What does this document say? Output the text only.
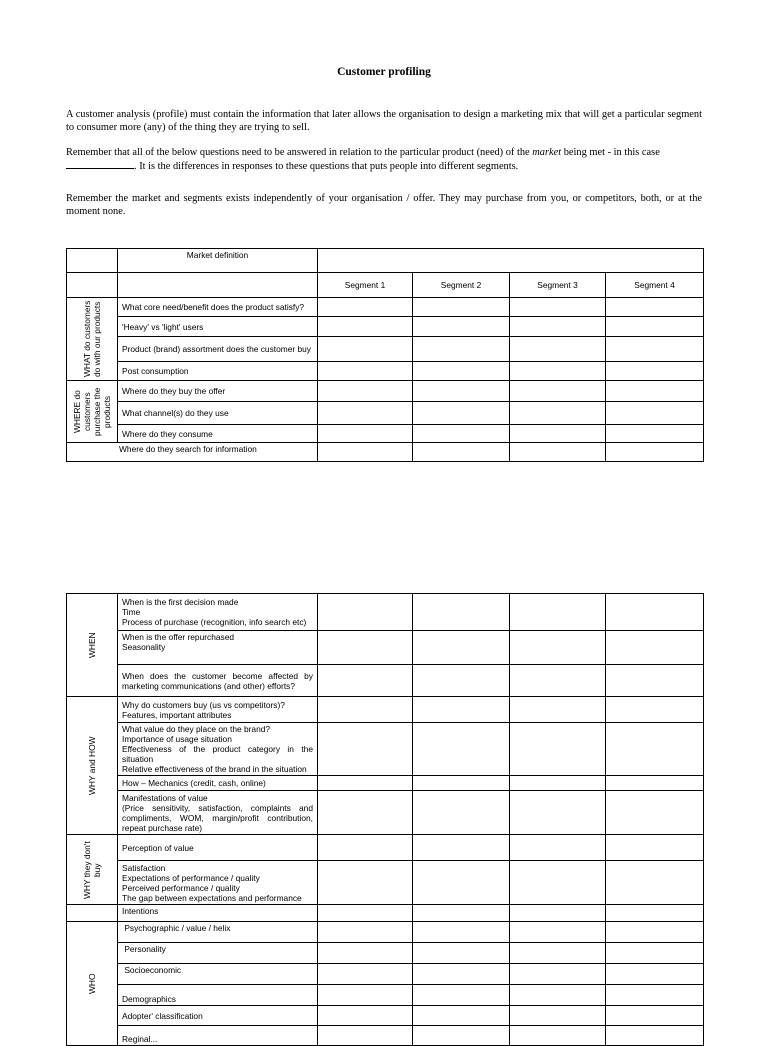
Customer profiling
A customer analysis (profile) must contain the information that later allows the organisation to design a marketing mix that will get a particular segment to consumer more (any) of the thing they are trying to sell.
Remember that all of the below questions need to be answered in relation to the particular product (need) of the market being met - in this case
. It is the differences in responses to these questions that puts people into different segments.
Remember the market and segments exists independently of your organisation / offer. They may purchase from you, or competitors, both, or at the moment none.
	Market definition				
		Segment 1	Segment 2	Segment 3	Segment 4

WHAT do customers do with our products	What core need/benefit does the product satisfy?				
	'Heavy' vs 'light' users				
	Product (brand) assortment does the customer buy				
	Post consumption				

WHERE do customers purchase the products	Where do they buy the offer				
	What channel(s) do they use				
	Where do they consume				
Where do they search for information					
WHEN	When is the first decision made
Time
Process of purchase (recognition, info search etc)				
	When is the offer repurchased
Seasonality				
	When does the customer become affected by marketing communications (and other) efforts?				

WHY and HOW	Why do customers buy (us vs competitors)?
Features, important attributes				
	What value do they place on the brand?
Importance of usage situation
Effectiveness of the product category in the situation
Relative effectiveness of the brand in the situation				
	How – Mechanics (credit, cash, online)				
	Manifestations of value
(Price sensitivity, satisfaction, complaints and compliments, WOM, margin/profit contribution, repeat purchase rate)				

WHY they don't buy	Perception of value				
	Satisfaction
Expectations of performance / quality
Perceived performance / quality
The gap between expectations and performance				
	Intentions				

WHO	Psychographic / value / helix				
	Personality				
	Socioeconomic				
	Demographics				
	Adopter' classification				
	Reginal...				
